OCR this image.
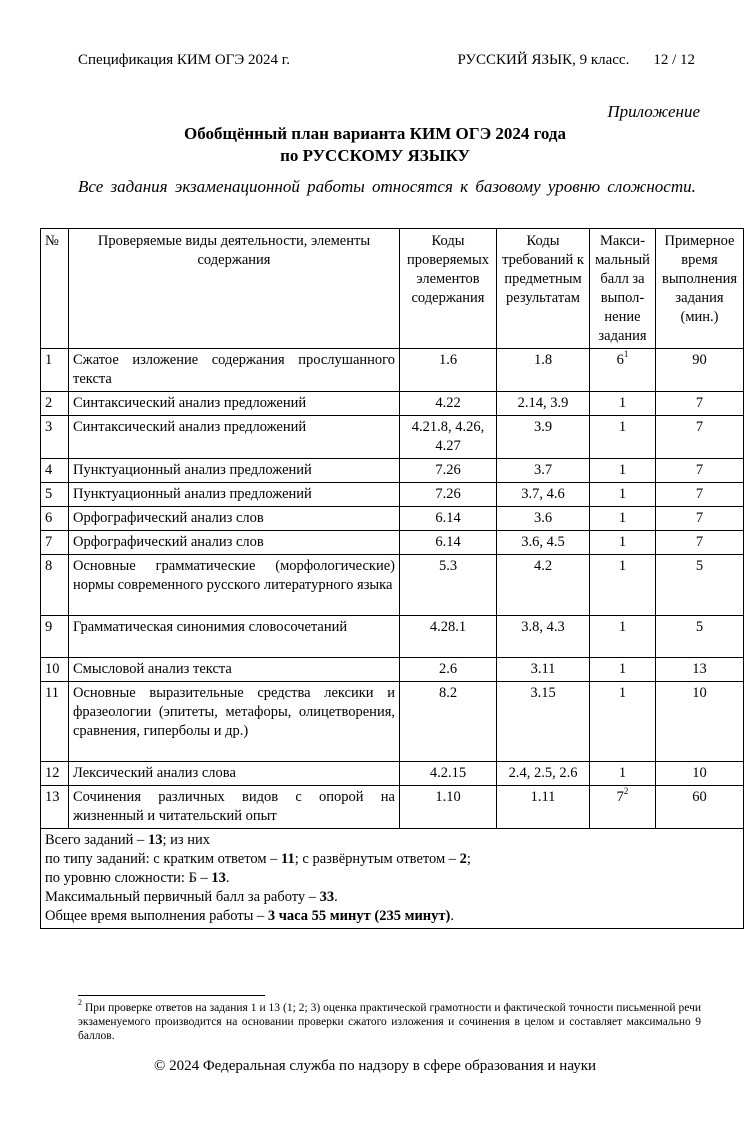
Спецификация КИМ ОГЭ 2024 г.	РУССКИЙ ЯЗЫК, 9 класс. 12 / 12
Приложение
Обобщённый план варианта КИМ ОГЭ 2024 года
по РУССКОМУ ЯЗЫКУ
Все задания экзаменационной работы относятся к базовому уровню сложности.
№	Проверяемые виды деятельности, элементы содержания	Коды проверяемых элементов содержания	Коды требований к предметным результатам	Максимальный балл за выполнение задания	Примерное время выполнения задания (мин.)
1	Сжатое изложение содержания прослушанного текста	1.6	1.8	$6^1$	90
2	Синтаксический анализ предложений	4.22	2.14, 3.9	1	7
3	Синтаксический анализ предложений	4.21.8, 4.26, 4.27	3.9	1	7
4	Пунктуационный анализ предложений	7.26	3.7	1	7
5	Пунктуационный анализ предложений	7.26	3.7, 4.6	1	7
6	Орфографический анализ слов	6.14	3.6	1	7
7	Орфографический анализ слов	6.14	3.6, 4.5	1	7
8	Основные грамматические (морфологические) нормы современного русского литературного языка	5.3	4.2	1	5
9	Грамматическая синонимия словосочетаний	4.28.1	3.8, 4.3	1	5
10	Смысловой анализ текста	2.6	3.11	1	13
11	Основные выразительные средства лексики и фразеологии (эпитеты, метафоры, олицетворения, сравнения, гиперболы и др.)	8.2	3.15	1	10
12	Лексический анализ слова	4.2.15	2.4, 2.5, 2.6	1	10
13	Сочинения различных видов с опорой на жизненный и читательский опыт	1.10	1.11	$7^2$	60

Всего заданий – 13; из них
по типу заданий: с кратким ответом – 11; с развёрнутым ответом – 2;
по уровню сложности: Б – 13.
Максимальный первичный балл за работу – 33.
Общее время выполнения работы – 3 часа 55 минут (235 минут).					
$^2$ При проверке ответов на задания 1 и 13 (1; 2; 3) оценка практической грамотности и фактической точности письменной речи экзаменуемого производится на основании проверки сжатого изложения и сочинения в целом и составляет максимально 9 баллов.
© 2024 Федеральная служба по надзору в сфере образования и науки
